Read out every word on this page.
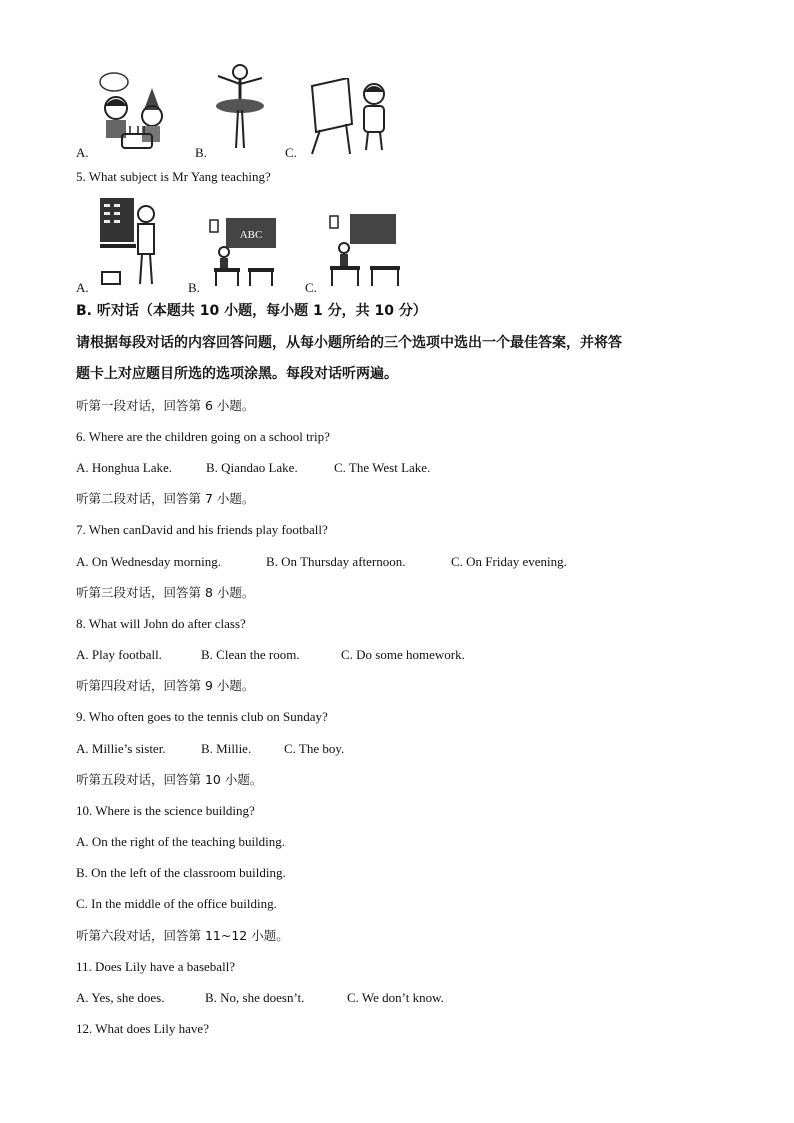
A.	B.	C.
5. What subject is Mr Yang teaching?
ABC
A.	B.	C.
B. 听对话（本题共 10 小题，每小题 1 分，共 10 分）
请根据每段对话的内容回答问题，从每小题所给的三个选项中选出一个最佳答案，并将答
题卡上对应题目所选的选项涂黑。每段对话听两遍。
听第一段对话，回答第 6 小题。
6. Where are the children going on a school trip?
A. Honghua Lake.	B. Qiandao Lake.	C. The West Lake.
听第二段对话，回答第 7 小题。
7. When canDavid and his friends play football?
A. On Wednesday morning.	B. On Thursday afternoon.	C. On Friday evening.
听第三段对话，回答第 8 小题。
8. What will John do after class?
A. Play football.	B. Clean the room.	C. Do some homework.
听第四段对话，回答第 9 小题。
9. Who often goes to the tennis club on Sunday?
A. Millie’s sister.	B. Millie.	C. The boy.
听第五段对话，回答第 10 小题。
10. Where is the science building?
A. On the right of the teaching building.
B. On the left of the classroom building.
C. In the middle of the office building.
听第六段对话，回答第 11~12 小题。
11. Does Lily have a baseball?
A. Yes, she does.	B. No, she doesn’t.	C. We don’t know.
12. What does Lily have?
